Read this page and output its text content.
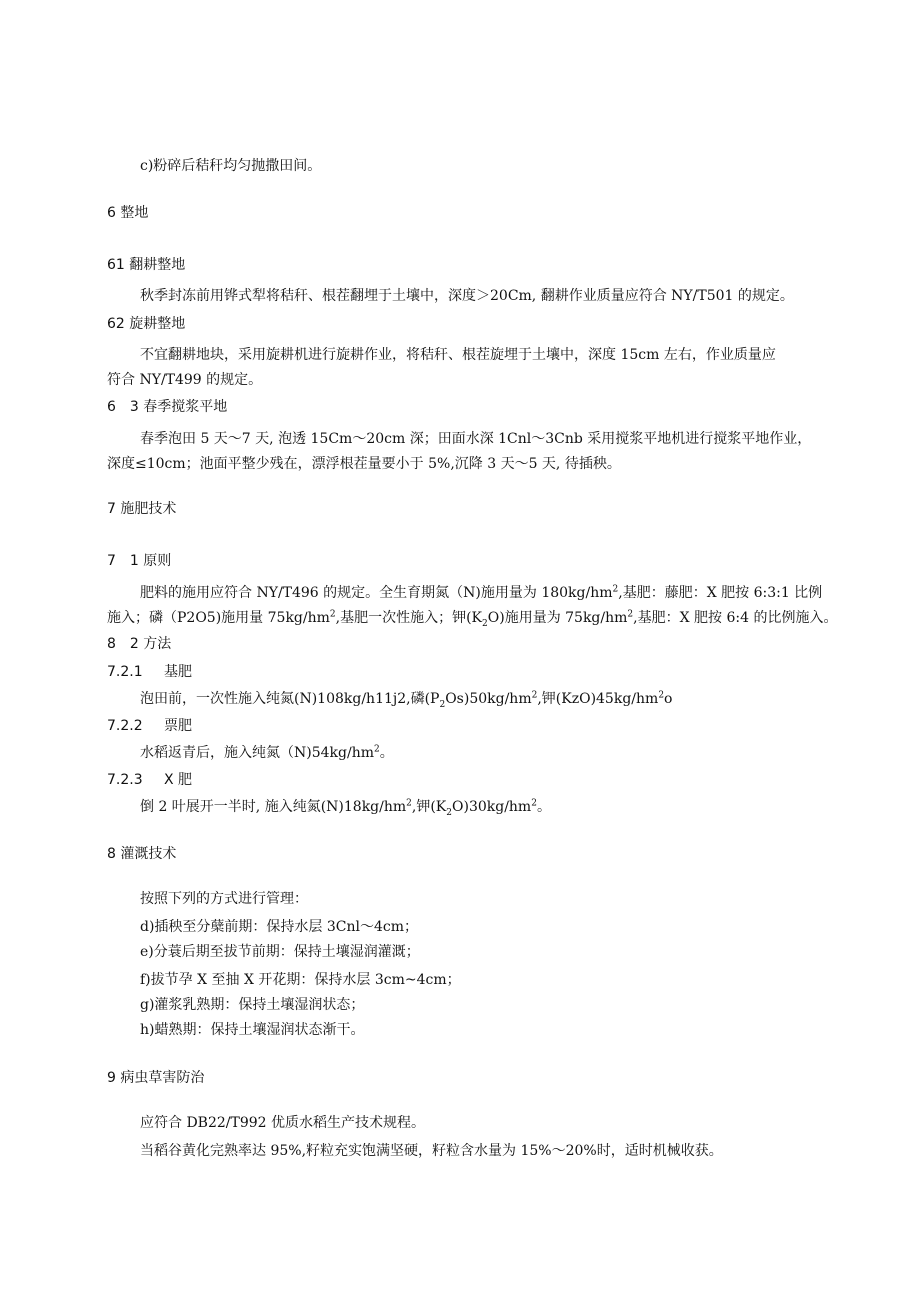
c)粉碎后秸秆均匀抛撒田间。
6 整地
61 翻耕整地
秋季封冻前用铧式犁将秸秆、根茬翻埋于土壤中，深度＞20Cm, 翻耕作业质量应符合 NY/T501 的规定。
62 旋耕整地
不宜翻耕地块，采用旋耕机进行旋耕作业，将秸秆、根茬旋埋于土壤中，深度 15cm 左右，作业质量应
符合 NY/T499 的规定。
6　3 春季搅浆平地
春季泡田 5 天～7 天, 泡透 15Cm～20cm 深；田面水深 1Cnl～3Cnb 采用搅浆平地机进行搅浆平地作业，
深度≤10cm；池面平整少残在，漂浮根茬量要小于 5%,沉降 3 天～5 天, 待插秧。
7 施肥技术
7　1 原则
肥料的施用应符合 NY/T496 的规定。全生育期氮（N)施用量为 $180kg∕hm^2$,基肥：藤肥：X 肥按 6:3:1 比例
施入；磷（P2O5)施用量 $75kg∕hm^2$,基肥一次性施入；钾$(K_2O)$施用量为 $75kg∕hm^2$,基肥：X 肥按 6:4 的比例施入。
8　2 方法
7.2.1 基肥
泡田前，一次性施入纯氮(N)108kg∕h11j2,磷$(P_2Os)50kg∕hm^2$,钾$(KzO)45kg∕hm^2o$
7.2.2 票肥
水稻返青后，施入纯氮$(N)54kg∕hm^2$。
7.2.3 X 肥
倒 2 叶展开一半时, 施入纯氮$(N)18kg∕hm^2$,钾$(K_2O)30kg∕hm^2$。
8 灌溉技术
按照下列的方式进行管理：
d)插秧至分蘖前期：保持水层 3Cnl～4cm；
e)分蓑后期至拔节前期：保持土壤湿润灌溉；
f)拔节孕 X 至抽 X 开花期：保持水层 3cm~4cm；
g)灌浆乳熟期：保持土壤湿润状态；
h)蜡熟期：保持土壤湿润状态渐干。
9 病虫草害防治
应符合 DB22/T992 优质水稻生产技术规程。
当稻谷黄化完熟率达 95%,籽粒充实饱满坚硬，籽粒含水量为 15%～20%时，适时机械收获。
